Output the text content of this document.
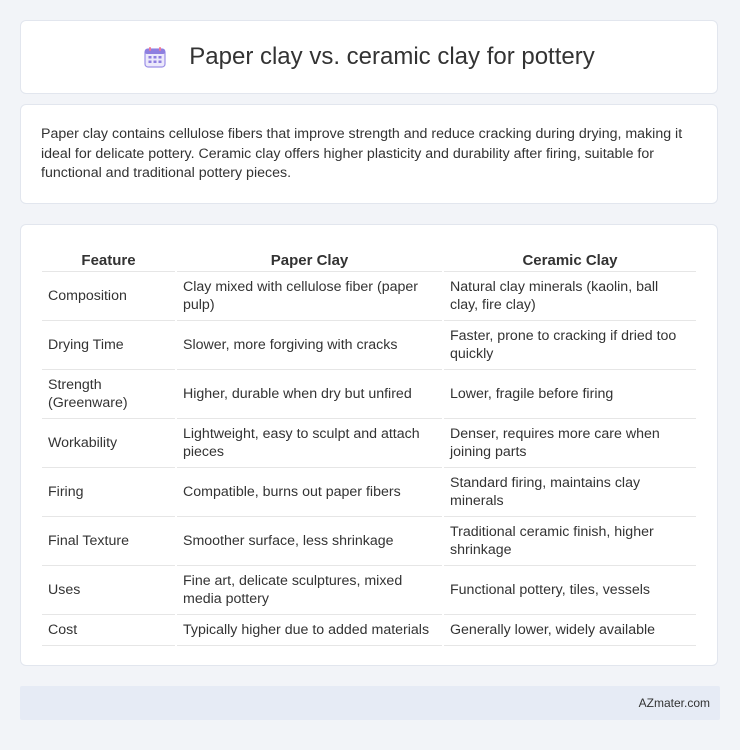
Paper clay vs. ceramic clay for pottery

Paper clay contains cellulose fibers that improve strength and reduce cracking during drying, making it ideal for delicate pottery. Ceramic clay offers higher plasticity and durability after firing, suitable for functional and traditional pottery pieces.

Feature	Paper Clay	Ceramic Clay
Composition	Clay mixed with cellulose fiber (paper pulp)	Natural clay minerals (kaolin, ball clay, fire clay)
Drying Time	Slower, more forgiving with cracks	Faster, prone to cracking if dried too quickly
Strength (Greenware)	Higher, durable when dry but unfired	Lower, fragile before firing
Workability	Lightweight, easy to sculpt and attach pieces	Denser, requires more care when joining parts
Firing	Compatible, burns out paper fibers	Standard firing, maintains clay minerals
Final Texture	Smoother surface, less shrinkage	Traditional ceramic finish, higher shrinkage
Uses	Fine art, delicate sculptures, mixed media pottery	Functional pottery, tiles, vessels
Cost	Typically higher due to added materials	Generally lower, widely available
AZmater.com
